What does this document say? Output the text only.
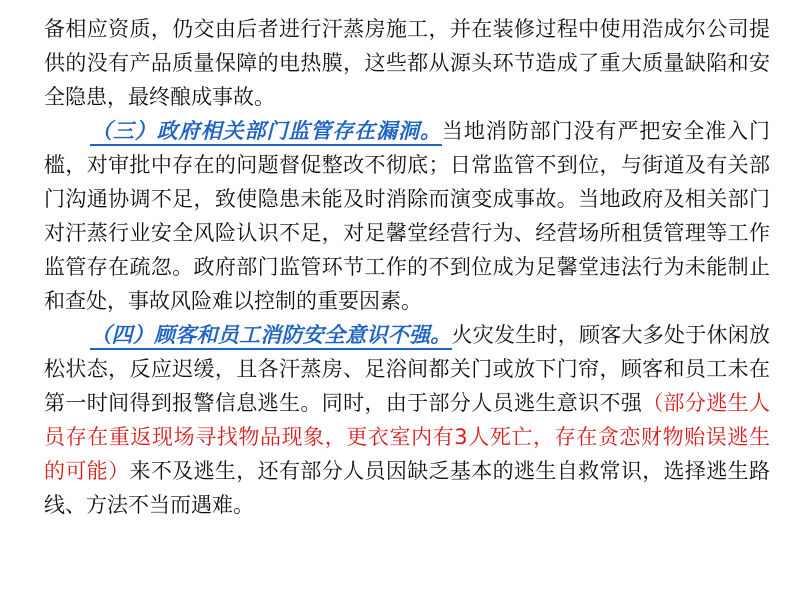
备相应资质，仍交由后者进行汗蒸房施工，并在装修过程中使用浩成尔公司提供的没有产品质量保障的电热膜，这些都从源头环节造成了重大质量缺陷和安全隐患，最终酿成事故。

（三）政府相关部门监管存在漏洞。当地消防部门没有严把安全准入门槛，对审批中存在的问题督促整改不彻底；日常监管不到位，与街道及有关部门沟通协调不足，致使隐患未能及时消除而演变成事故。当地政府及相关部门对汗蒸行业安全风险认识不足，对足馨堂经营行为、经营场所租赁管理等工作监管存在疏忽。政府部门监管环节工作的不到位成为足馨堂违法行为未能制止和查处，事故风险难以控制的重要因素。

（四）顾客和员工消防安全意识不强。火灾发生时，顾客大多处于休闲放松状态，反应迟缓，且各汗蒸房、足浴间都关门或放下门帘，顾客和员工未在第一时间得到报警信息逃生。同时，由于部分人员逃生意识不强（部分逃生人员存在重返现场寻找物品现象，更衣室内有3人死亡，存在贪恋财物贻误逃生的可能）来不及逃生，还有部分人员因缺乏基本的逃生自救常识，选择逃生路线、方法不当而遇难。
